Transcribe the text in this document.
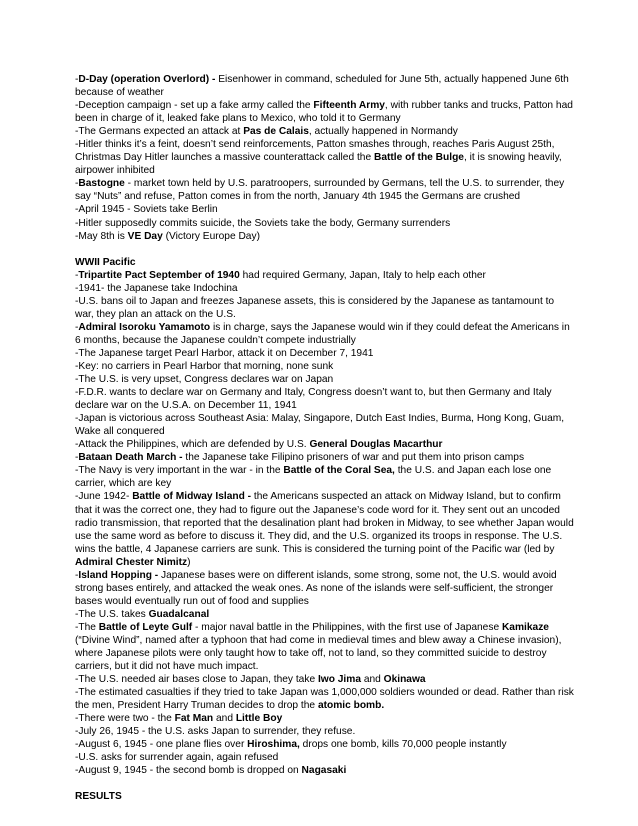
-D-Day (operation Overlord) - Eisenhower in command, scheduled for June 5th, actually happened June 6th because of weather

-Deception campaign - set up a fake army called the Fifteenth Army, with rubber tanks and trucks, Patton had been in charge of it, leaked fake plans to Mexico, who told it to Germany

-The Germans expected an attack at Pas de Calais, actually happened in Normandy

-Hitler thinks it’s a feint, doesn’t send reinforcements, Patton smashes through, reaches Paris August 25th, Christmas Day Hitler launches a massive counterattack called the Battle of the Bulge, it is snowing heavily, airpower inhibited

-Bastogne - market town held by U.S. paratroopers, surrounded by Germans, tell the U.S. to surrender, they say “Nuts” and refuse, Patton comes in from the north, January 4th 1945 the Germans are crushed

-April 1945 - Soviets take Berlin

-Hitler supposedly commits suicide, the Soviets take the body, Germany surrenders

-May 8th is VE Day (Victory Europe Day)

WWII Pacific

-Tripartite Pact September of 1940 had required Germany, Japan, Italy to help each other

-1941- the Japanese take Indochina

-U.S. bans oil to Japan and freezes Japanese assets, this is considered by the Japanese as tantamount to war, they plan an attack on the U.S.

-Admiral Isoroku Yamamoto is in charge, says the Japanese would win if they could defeat the Americans in 6 months, because the Japanese couldn’t compete industrially

-The Japanese target Pearl Harbor, attack it on December 7, 1941

-Key: no carriers in Pearl Harbor that morning, none sunk

-The U.S. is very upset, Congress declares war on Japan

-F.D.R. wants to declare war on Germany and Italy, Congress doesn’t want to, but then Germany and Italy declare war on the U.S.A. on December 11, 1941

-Japan is victorious across Southeast Asia: Malay, Singapore, Dutch East Indies, Burma, Hong Kong, Guam, Wake all conquered

-Attack the Philippines, which are defended by U.S. General Douglas Macarthur

-Bataan Death March - the Japanese take Filipino prisoners of war and put them into prison camps

-The Navy is very important in the war - in the Battle of the Coral Sea, the U.S. and Japan each lose one carrier, which are key

-June 1942- Battle of Midway Island - the Americans suspected an attack on Midway Island, but to confirm that it was the correct one, they had to figure out the Japanese’s code word for it. They sent out an uncoded radio transmission, that reported that the desalination plant had broken in Midway, to see whether Japan would use the same word as before to discuss it. They did, and the U.S. organized its troops in response. The U.S. wins the battle, 4 Japanese carriers are sunk. This is considered the turning point of the Pacific war (led by Admiral Chester Nimitz)

-Island Hopping - Japanese bases were on different islands, some strong, some not, the U.S. would avoid strong bases entirely, and attacked the weak ones. As none of the islands were self-sufficient, the stronger bases would eventually run out of food and supplies

-The U.S. takes Guadalcanal

-The Battle of Leyte Gulf - major naval battle in the Philippines, with the first use of Japanese Kamikaze (“Divine Wind”, named after a typhoon that had come in medieval times and blew away a Chinese invasion), where Japanese pilots were only taught how to take off, not to land, so they committed suicide to destroy carriers, but it did not have much impact.

-The U.S. needed air bases close to Japan, they take Iwo Jima and Okinawa

-The estimated casualties if they tried to take Japan was 1,000,000 soldiers wounded or dead. Rather than risk the men, President Harry Truman decides to drop the atomic bomb.

-There were two - the Fat Man and Little Boy

-July 26, 1945 - the U.S. asks Japan to surrender, they refuse.

-August 6, 1945 - one plane flies over Hiroshima, drops one bomb, kills 70,000 people instantly

-U.S. asks for surrender again, again refused

-August 9, 1945 - the second bomb is dropped on Nagasaki

RESULTS
